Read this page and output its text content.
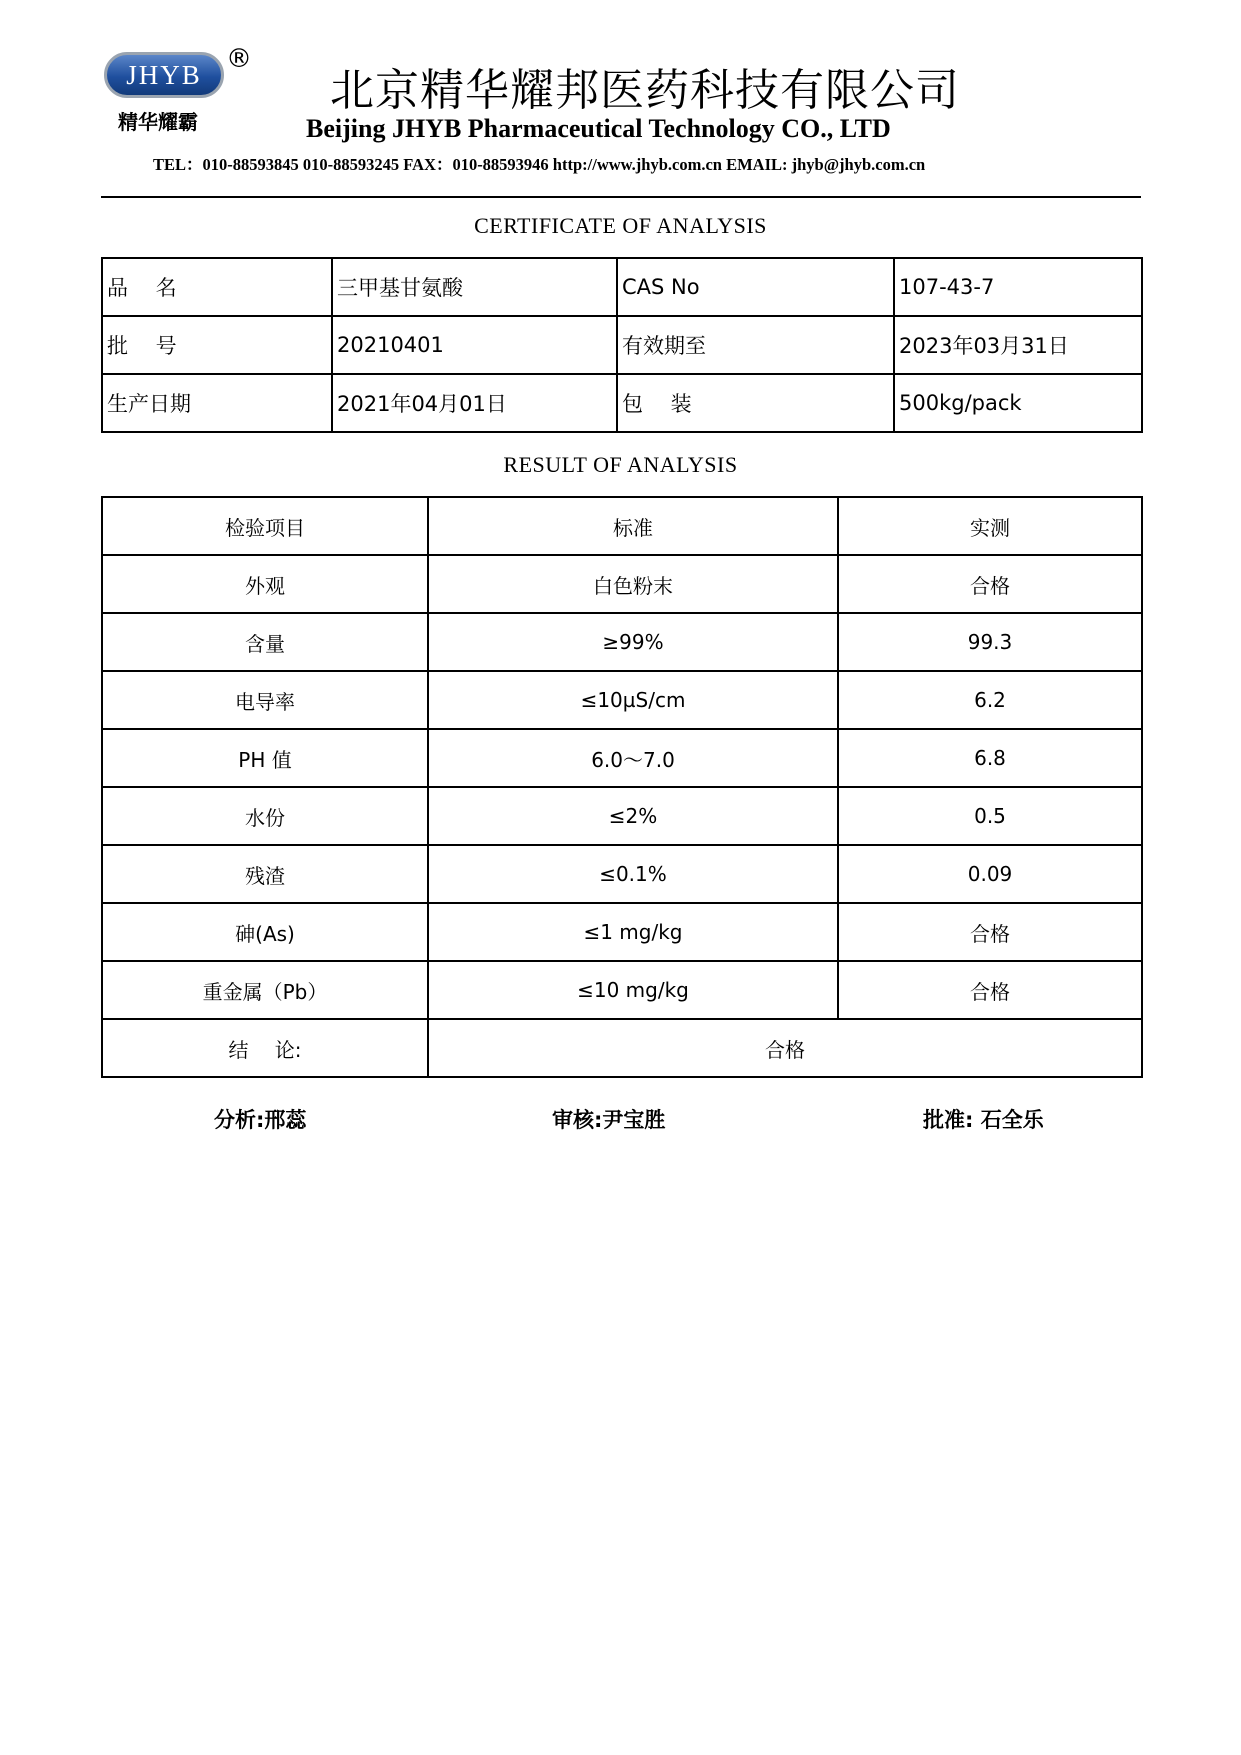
JHYB
®
精华耀霸
北京精华耀邦医药科技有限公司
Beijing JHYB Pharmaceutical Technology CO., LTD
TEL：010-88593845 010-88593245 FAX：010-88593946 http://www.jhyb.com.cn EMAIL: jhyb@jhyb.com.cn
CERTIFICATE OF ANALYSIS
品　 名	三甲基甘氨酸	CAS No	107-43-7
批　 号	20210401	有效期至	2023年03月31日
生产日期	2021年04月01日	包　 装	500kg/pack
RESULT OF ANALYSIS
检验项目	标准	实测
外观	白色粉末	合格
含量	≥99%	99.3
电导率	≤10µS/cm	6.2
PH 值	6.0～7.0	6.8
水份	≤2%	0.5
残渣	≤0.1%	0.09
砷(As)	≤1 mg/kg	合格
重金属（Pb）	≤10 mg/kg	合格
结　 论:	合格	
分析:邢蕊	审核:尹宝胜	批准: 石全乐
